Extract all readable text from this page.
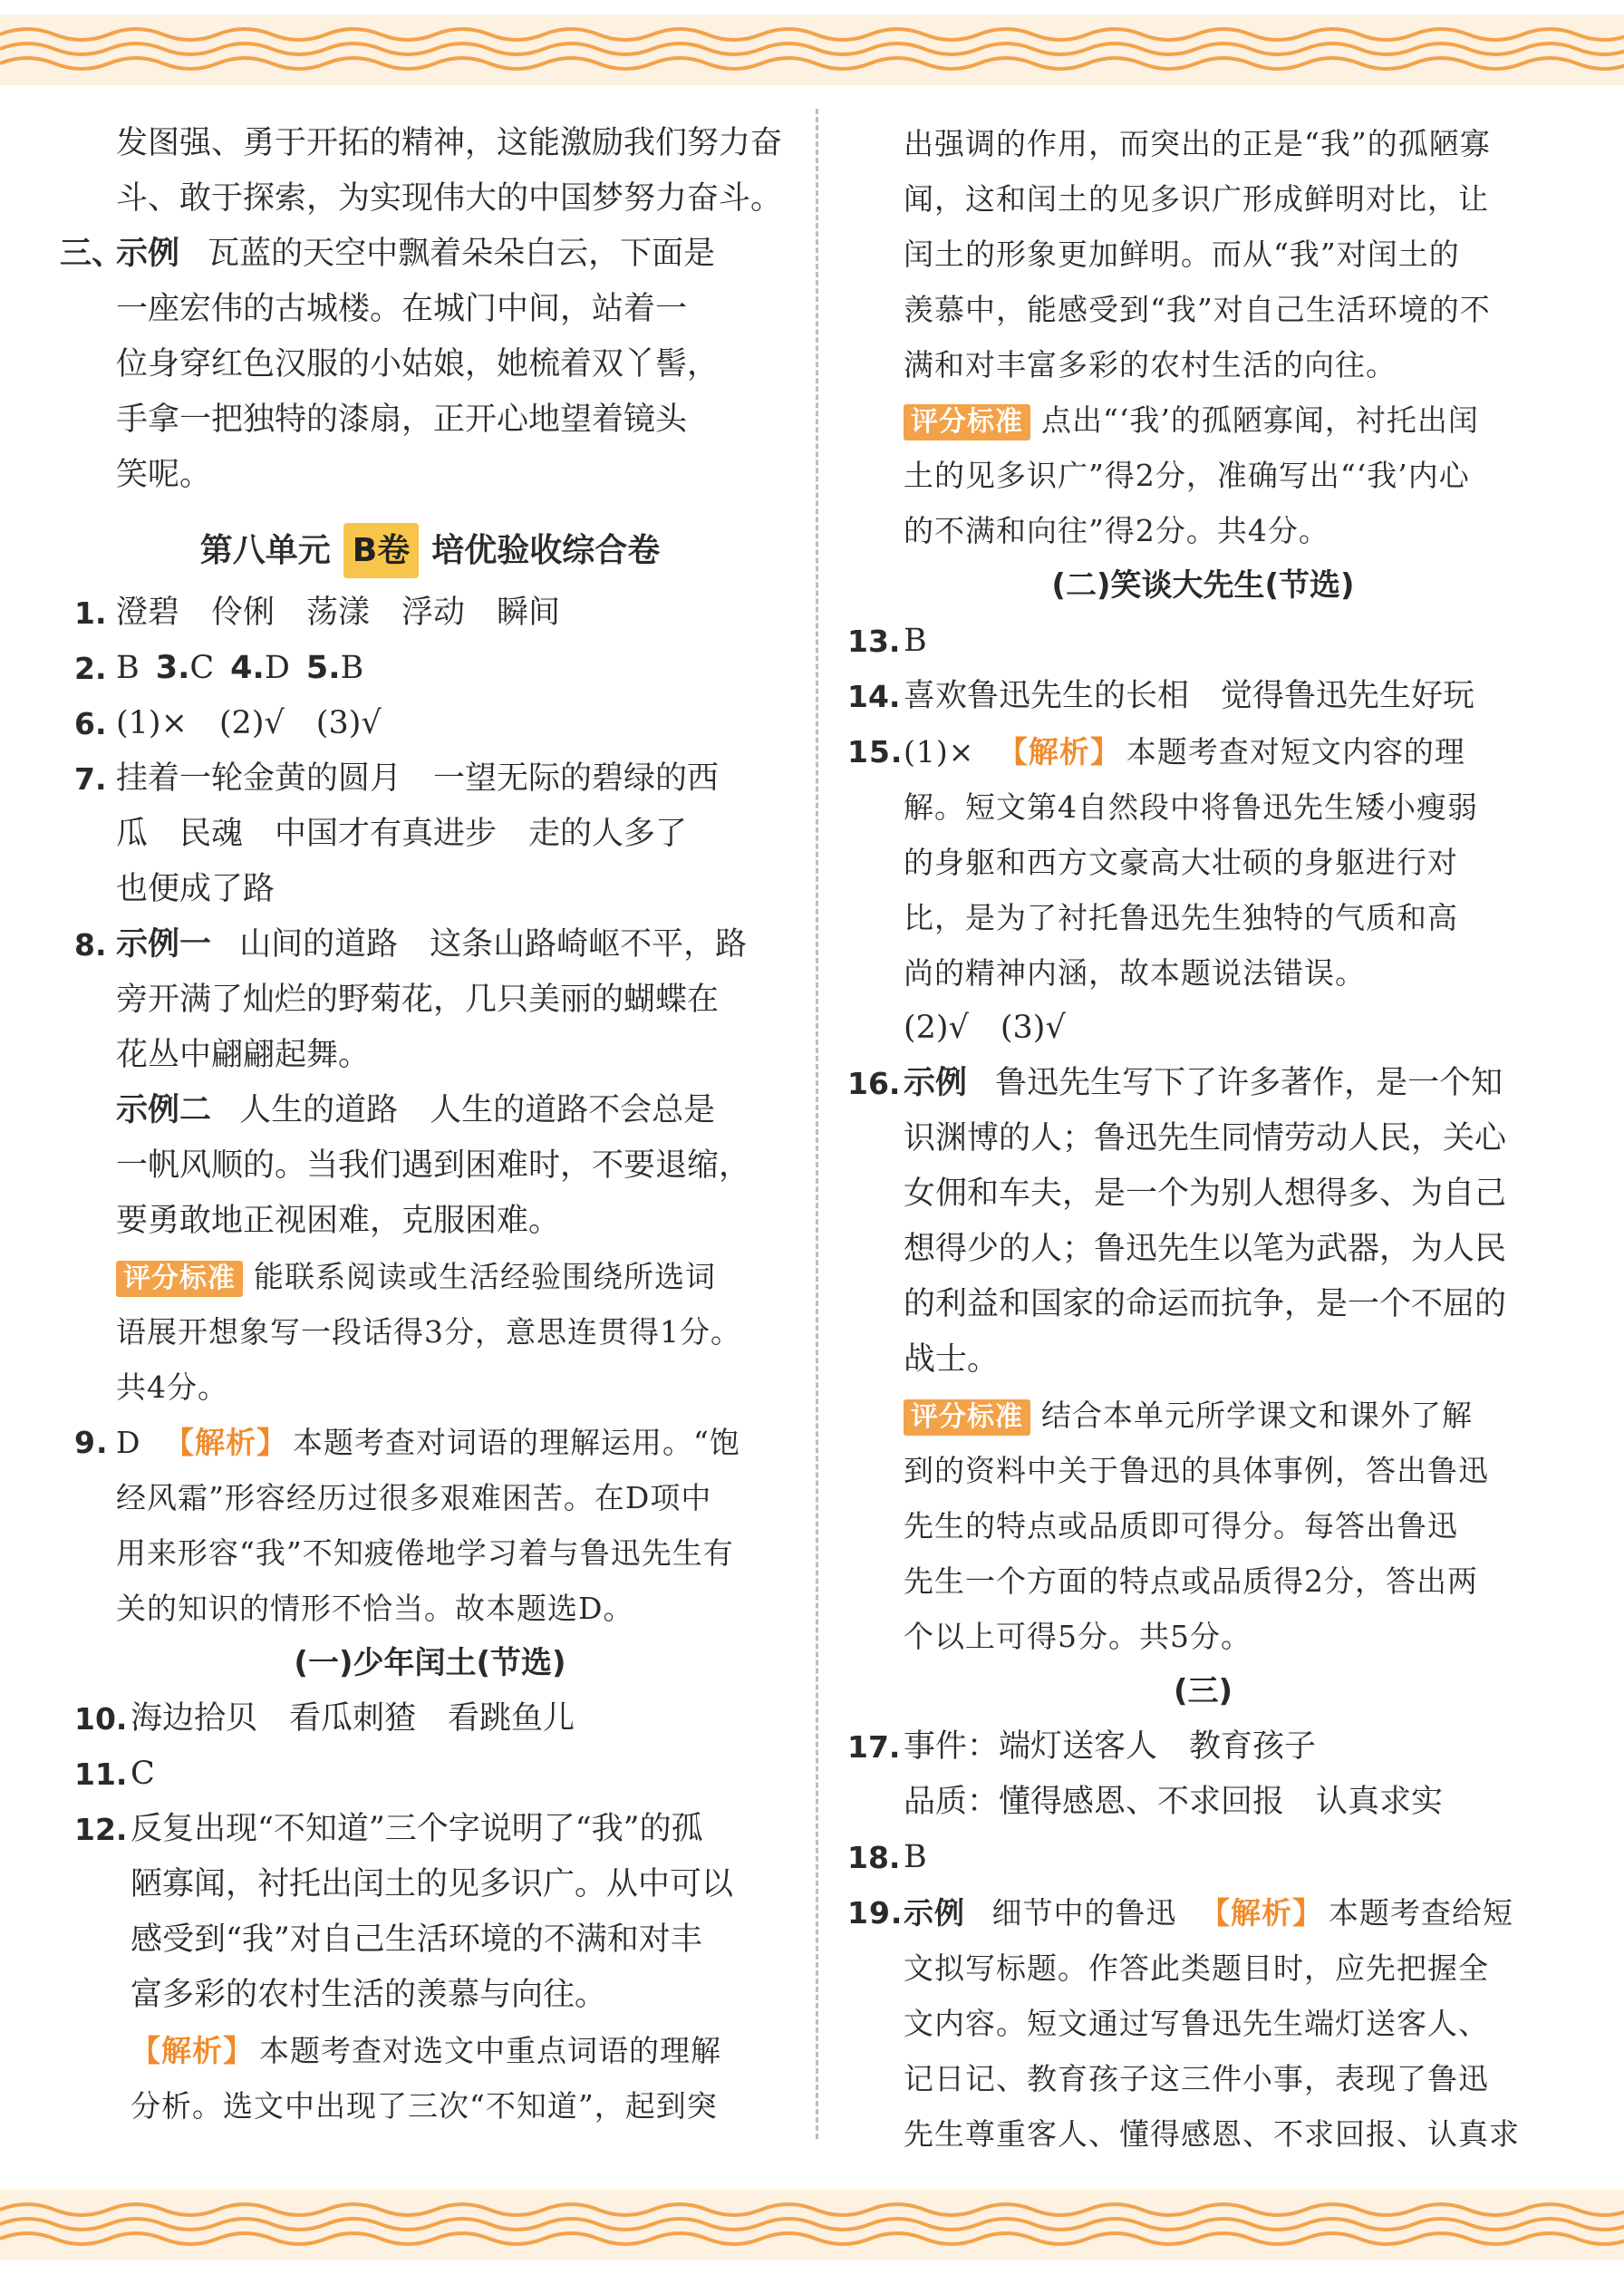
发图强、勇于开拓的精神，这能激励我们努力奋
斗、敢于探索，为实现伟大的中国梦努力奋斗。
三、
示例 瓦蓝的天空中飘着朵朵白云，下面是
一座宏伟的古城楼。在城门中间，站着一
位身穿红色汉服的小姑娘，她梳着双丫髻，
手拿一把独特的漆扇，正开心地望着镜头
笑呢。
第八单元 B卷 培优验收综合卷
1. 澄碧　伶俐　荡漾　浮动　瞬间
2. B 3. C 4. D 5. B
6. (1)×　(2)√　(3)√
7. 挂着一轮金黄的圆月　一望无际的碧绿的西
瓜　民魂　中国才有真进步　走的人多了
也便成了路
8. 示例一 山间的道路　这条山路崎岖不平，路
旁开满了灿烂的野菊花，几只美丽的蝴蝶在
花丛中翩翩起舞。
示例二 人生的道路　人生的道路不会总是
一帆风顺的。当我们遇到困难时，不要退缩，
要勇敢地正视困难，克服困难。
评分标准 能联系阅读或生活经验围绕所选词
语展开想象写一段话得3分，意思连贯得1分。
共4分。
9. D 【解析】 本题考查对词语的理解运用。“饱
经风霜”形容经历过很多艰难困苦。在D项中
用来形容“我”不知疲倦地学习着与鲁迅先生有
关的知识的情形不恰当。故本题选D。
(一)少年闰土(节选)
10. 海边拾贝　看瓜刺猹　看跳鱼儿
11. C
12. 反复出现“不知道”三个字说明了“我”的孤
陋寡闻，衬托出闰土的见多识广。从中可以
感受到“我”对自己生活环境的不满和对丰
富多彩的农村生活的羡慕与向往。
【解析】 本题考查对选文中重点词语的理解
分析。选文中出现了三次“不知道”，起到突
出强调的作用，而突出的正是“我”的孤陋寡
闻，这和闰土的见多识广形成鲜明对比，让
闰土的形象更加鲜明。而从“我”对闰土的
羡慕中，能感受到“我”对自己生活环境的不
满和对丰富多彩的农村生活的向往。
评分标准 点出“‘我’的孤陋寡闻，衬托出闰
土的见多识广”得2分，准确写出“‘我’内心
的不满和向往”得2分。共4分。
(二)笑谈大先生(节选)
13. B
14. 喜欢鲁迅先生的长相　觉得鲁迅先生好玩
15. (1)× 【解析】 本题考查对短文内容的理
解。短文第4自然段中将鲁迅先生矮小瘦弱
的身躯和西方文豪高大壮硕的身躯进行对
比，是为了衬托鲁迅先生独特的气质和高
尚的精神内涵，故本题说法错误。
(2)√　(3)√
16. 示例 鲁迅先生写下了许多著作，是一个知
识渊博的人；鲁迅先生同情劳动人民，关心
女佣和车夫，是一个为别人想得多、为自己
想得少的人；鲁迅先生以笔为武器，为人民
的利益和国家的命运而抗争，是一个不屈的
战士。
评分标准 结合本单元所学课文和课外了解
到的资料中关于鲁迅的具体事例，答出鲁迅
先生的特点或品质即可得分。每答出鲁迅
先生一个方面的特点或品质得2分，答出两
个以上可得5分。共5分。
(三)
17. 事件：端灯送客人　教育孩子
品质：懂得感恩、不求回报　认真求实
18. B
19. 示例 细节中的鲁迅 【解析】 本题考查给短
文拟写标题。作答此类题目时，应先把握全
文内容。短文通过写鲁迅先生端灯送客人、
记日记、教育孩子这三件小事，表现了鲁迅
先生尊重客人、懂得感恩、不求回报、认真求
